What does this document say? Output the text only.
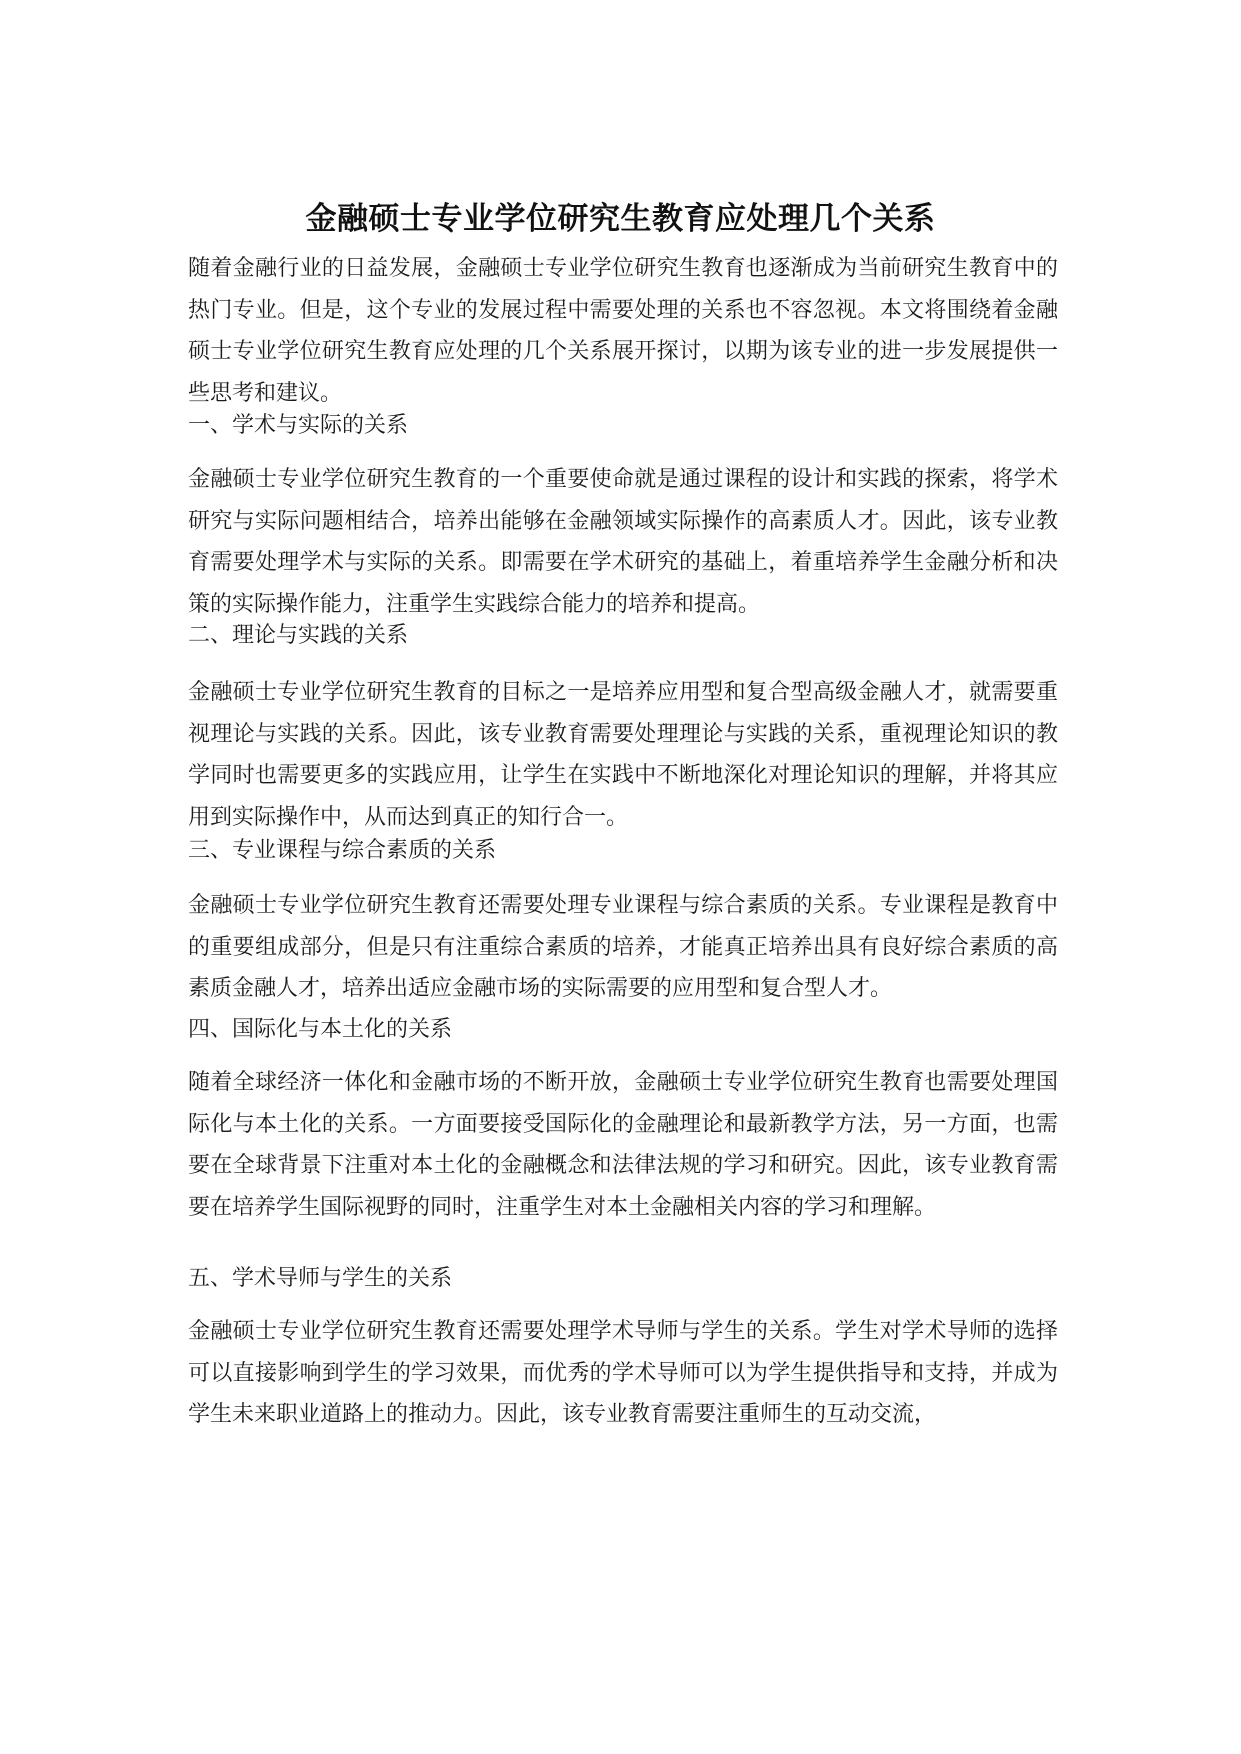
金融硕士专业学位研究生教育应处理几个关系

随着金融行业的日益发展，金融硕士专业学位研究生教育也逐渐成为当前研究生教育中的热门专业。但是，这个专业的发展过程中需要处理的关系也不容忽视。本文将围绕着金融硕士专业学位研究生教育应处理的几个关系展开探讨，以期为该专业的进一步发展提供一些思考和建议。

一、学术与实际的关系

金融硕士专业学位研究生教育的一个重要使命就是通过课程的设计和实践的探索，将学术研究与实际问题相结合，培养出能够在金融领域实际操作的高素质人才。因此，该专业教育需要处理学术与实际的关系。即需要在学术研究的基础上，着重培养学生金融分析和决策的实际操作能力，注重学生实践综合能力的培养和提高。

二、理论与实践的关系

金融硕士专业学位研究生教育的目标之一是培养应用型和复合型高级金融人才，就需要重视理论与实践的关系。因此，该专业教育需要处理理论与实践的关系，重视理论知识的教学同时也需要更多的实践应用，让学生在实践中不断地深化对理论知识的理解，并将其应用到实际操作中，从而达到真正的知行合一。

三、专业课程与综合素质的关系

金融硕士专业学位研究生教育还需要处理专业课程与综合素质的关系。专业课程是教育中的重要组成部分，但是只有注重综合素质的培养，才能真正培养出具有良好综合素质的高素质金融人才，培养出适应金融市场的实际需要的应用型和复合型人才。

四、国际化与本土化的关系

随着全球经济一体化和金融市场的不断开放，金融硕士专业学位研究生教育也需要处理国际化与本土化的关系。一方面要接受国际化的金融理论和最新教学方法，另一方面，也需要在全球背景下注重对本土化的金融概念和法律法规的学习和研究。因此，该专业教育需要在培养学生国际视野的同时，注重学生对本土金融相关内容的学习和理解。

五、学术导师与学生的关系

金融硕士专业学位研究生教育还需要处理学术导师与学生的关系。学生对学术导师的选择可以直接影响到学生的学习效果，而优秀的学术导师可以为学生提供指导和支持，并成为学生未来职业道路上的推动力。因此，该专业教育需要注重师生的互动交流，
